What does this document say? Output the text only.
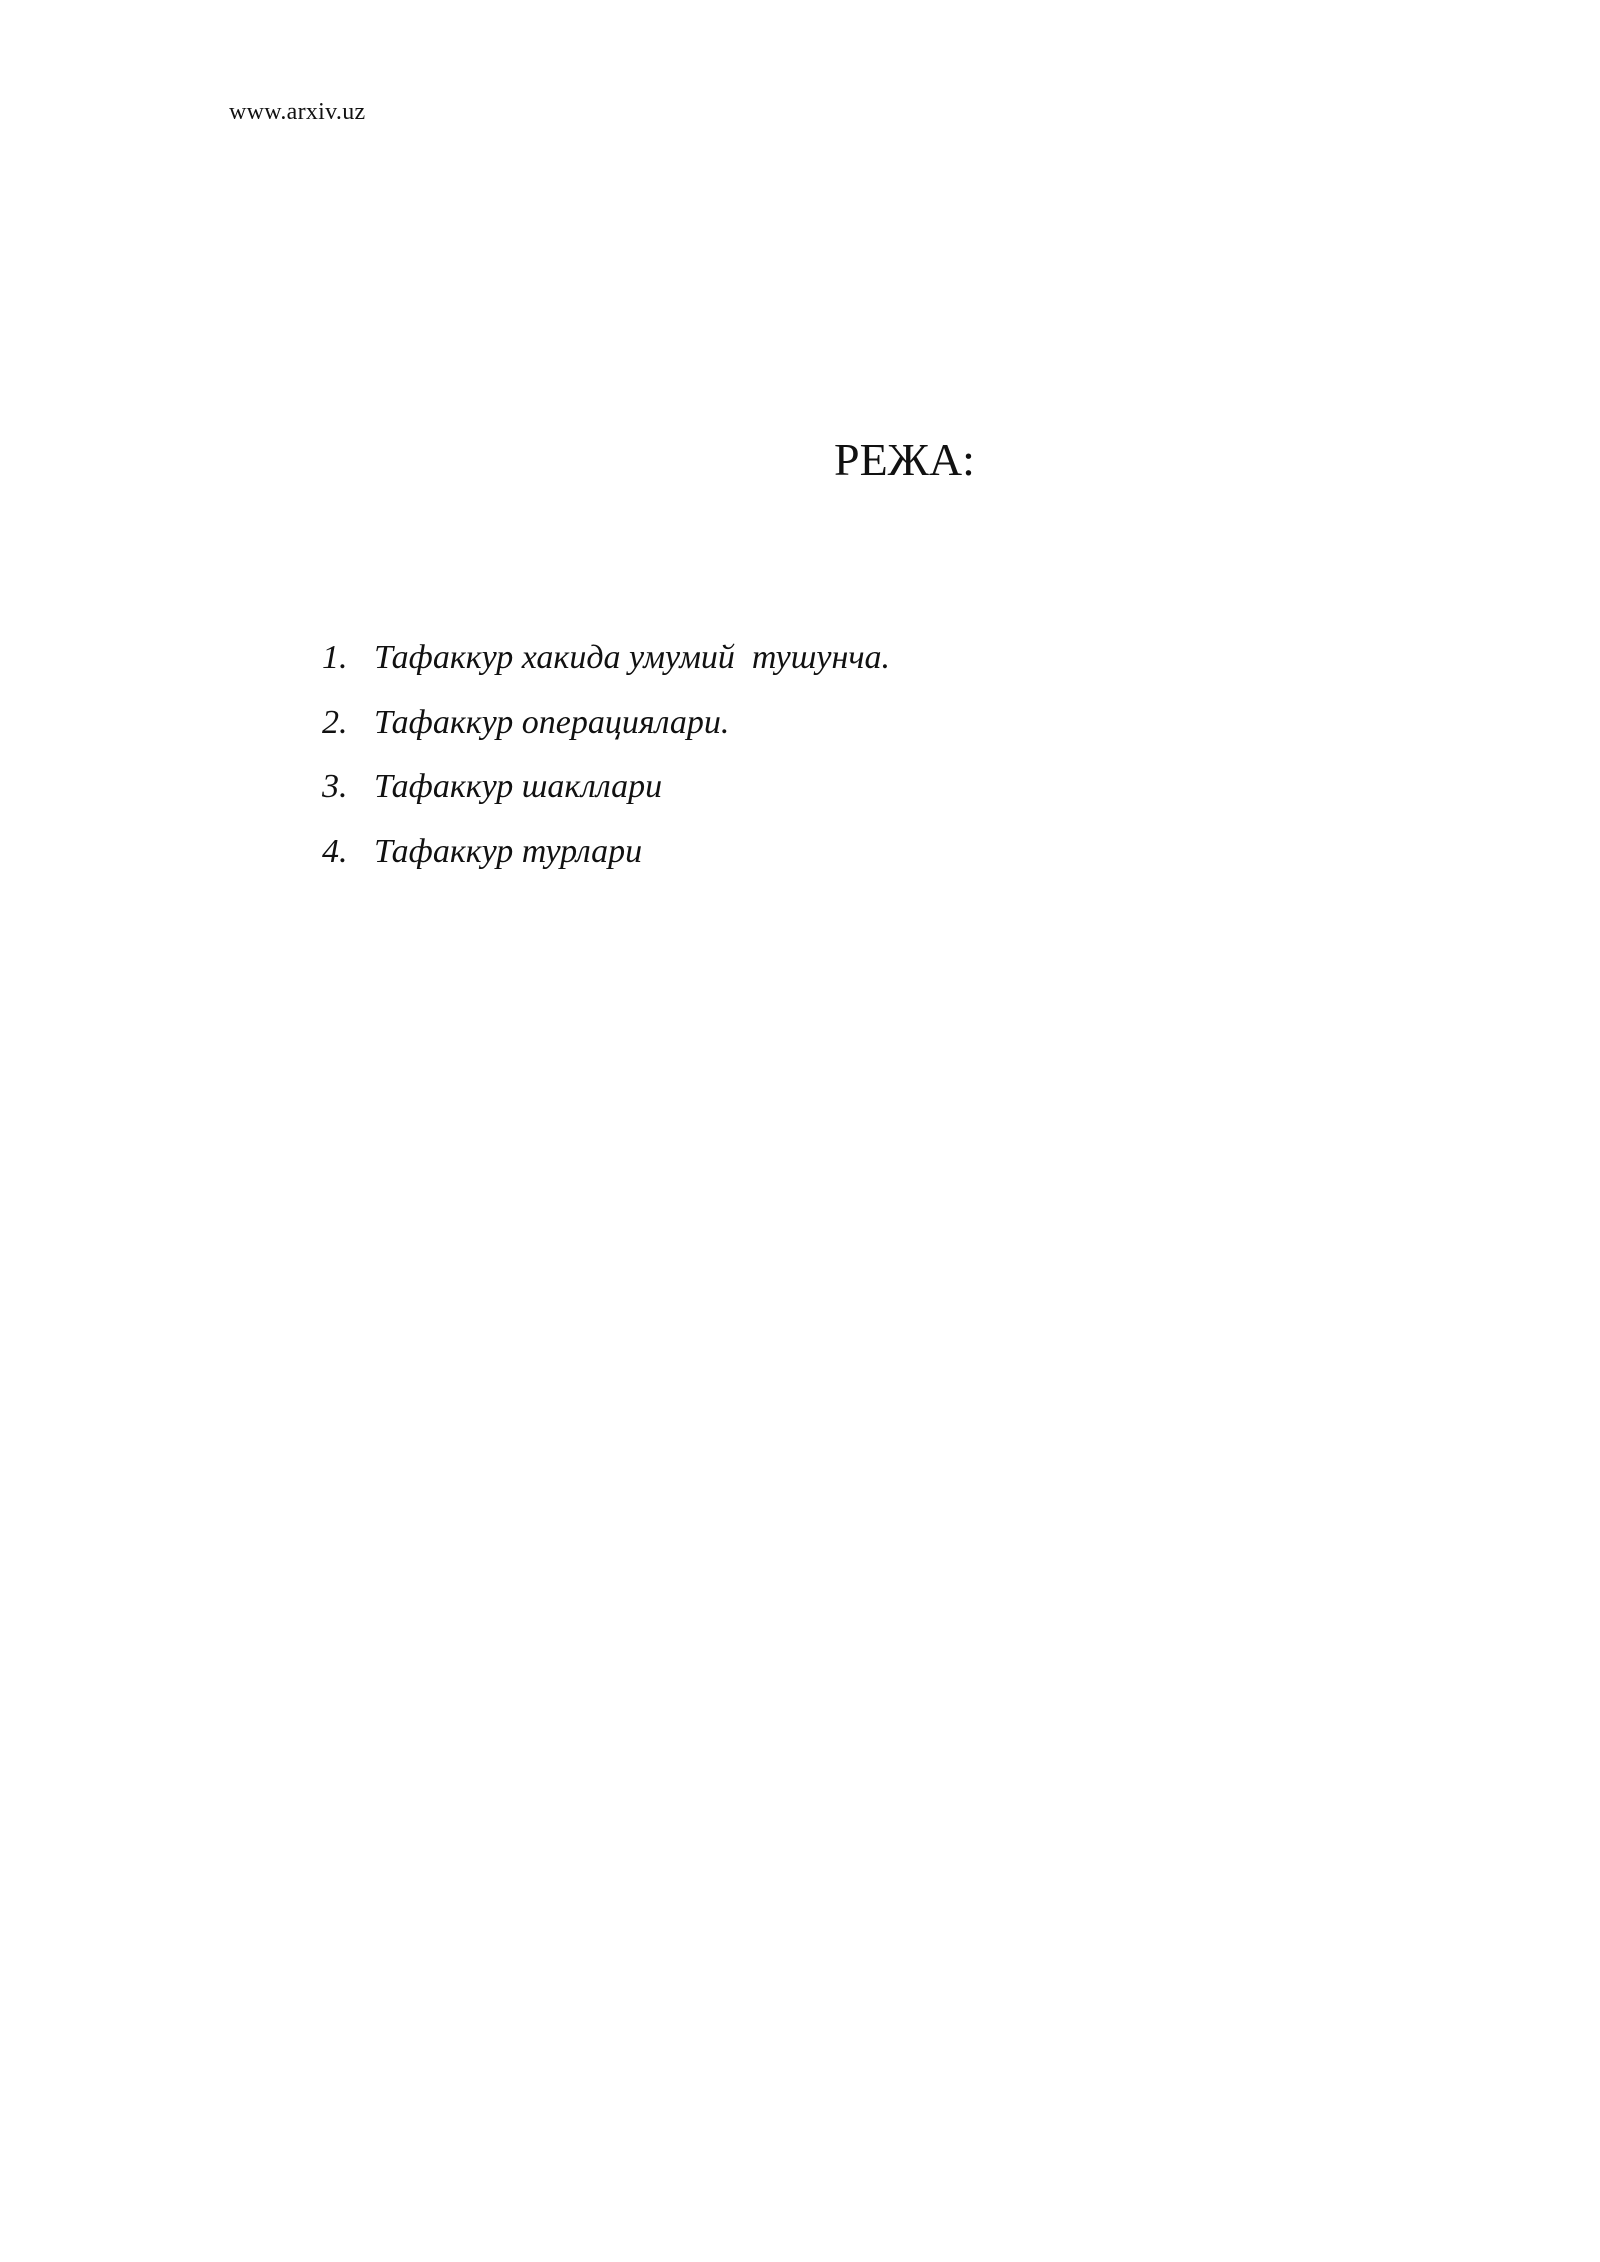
www.arxiv.uz
РЕЖА:
1. Тафаккур хакида умумий  тушунча.
2. Тафаккур операциялари.
3. Тафаккур шакллари
4. Тафаккур турлари
